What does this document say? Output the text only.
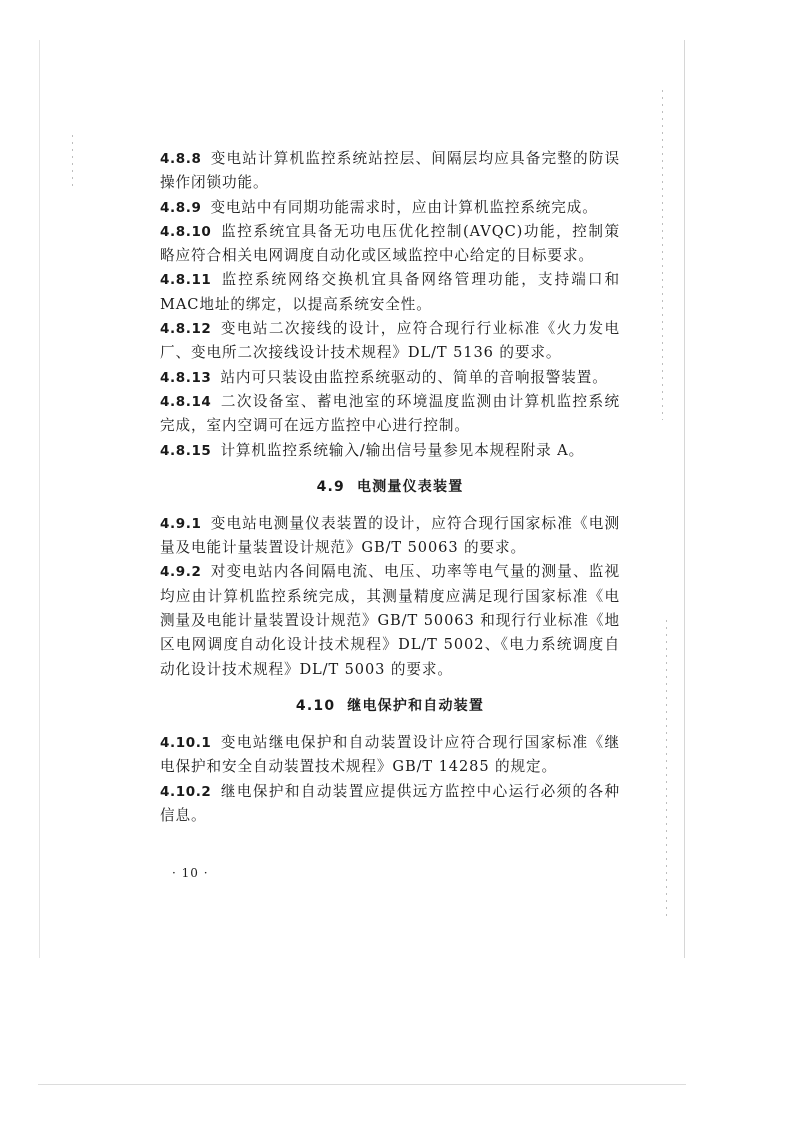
4.8.8 变电站计算机监控系统站控层、间隔层均应具备完整的防误操作闭锁功能。

4.8.9 变电站中有同期功能需求时，应由计算机监控系统完成。

4.8.10 监控系统宜具备无功电压优化控制(AVQC)功能，控制策略应符合相关电网调度自动化或区域监控中心给定的目标要求。

4.8.11 监控系统网络交换机宜具备网络管理功能，支持端口和MAC地址的绑定，以提高系统安全性。

4.8.12 变电站二次接线的设计，应符合现行行业标准《火力发电厂、变电所二次接线设计技术规程》DL/T 5136 的要求。

4.8.13 站内可只装设由监控系统驱动的、简单的音响报警装置。

4.8.14 二次设备室、蓄电池室的环境温度监测由计算机监控系统完成，室内空调可在远方监控中心进行控制。

4.8.15 计算机监控系统输入/输出信号量参见本规程附录 A。

4.9 电测量仪表装置

4.9.1 变电站电测量仪表装置的设计，应符合现行国家标准《电测量及电能计量装置设计规范》GB/T 50063 的要求。

4.9.2 对变电站内各间隔电流、电压、功率等电气量的测量、监视均应由计算机监控系统完成，其测量精度应满足现行国家标准《电测量及电能计量装置设计规范》GB/T 50063 和现行行业标准《地区电网调度自动化设计技术规程》DL/T 5002、《电力系统调度自动化设计技术规程》DL/T 5003 的要求。

4.10 继电保护和自动装置

4.10.1 变电站继电保护和自动装置设计应符合现行国家标准《继电保护和安全自动装置技术规程》GB/T 14285 的规定。

4.10.2 继电保护和自动装置应提供远方监控中心运行必须的各种信息。

· 10 ·
